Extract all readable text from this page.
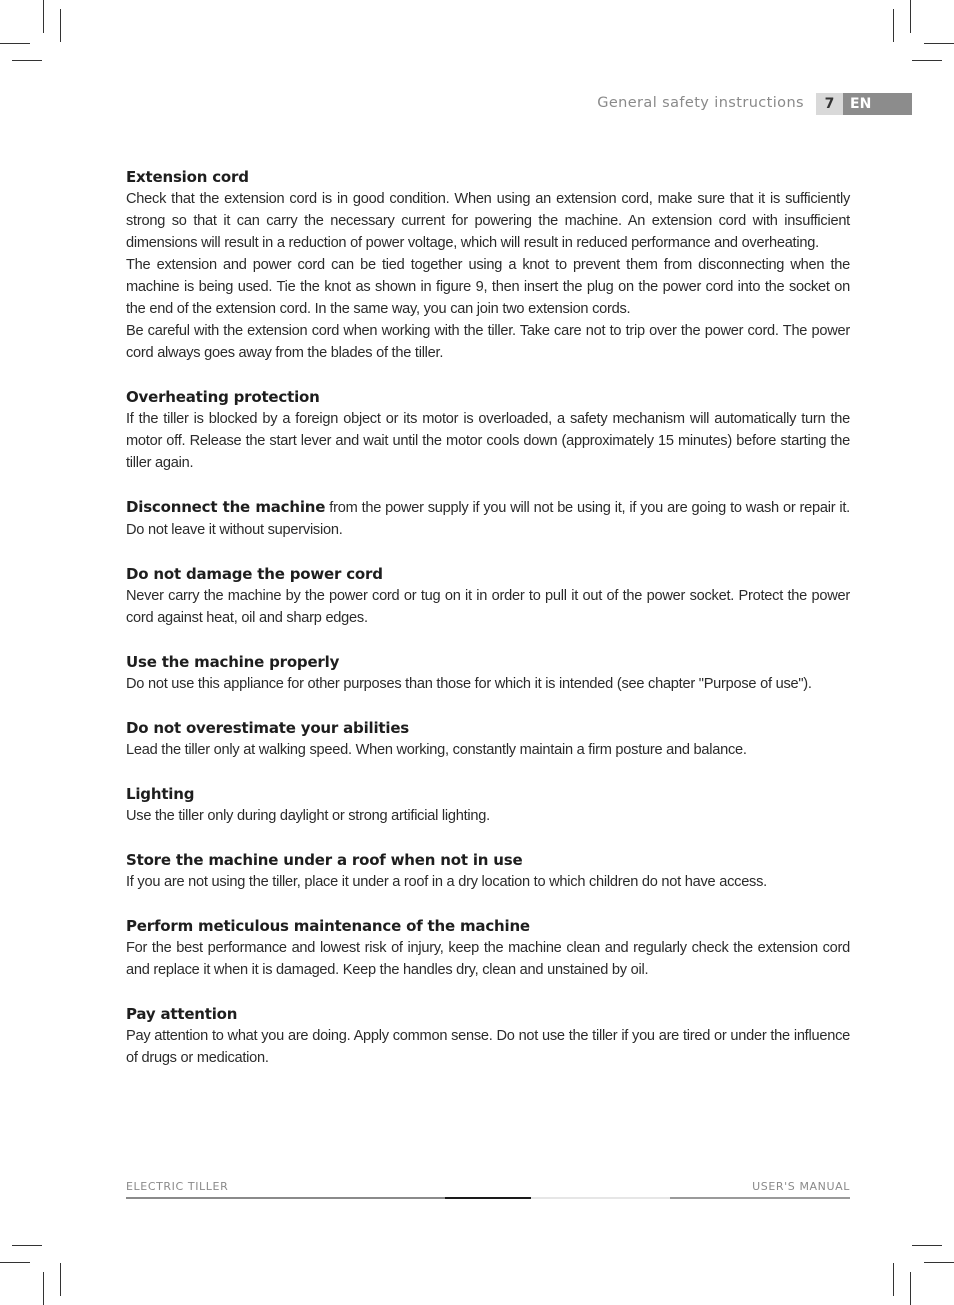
General safety instructions	7	EN
Extension cord

Check that the extension cord is in good condition. When using an extension cord, make sure that it is sufficiently strong so that it can carry the necessary current for powering the machine. An extension cord with insufficient dimensions will result in a reduction of power voltage, which will result in reduced performance and overheating.

The extension and power cord can be tied together using a knot to prevent them from disconnecting when the machine is being used. Tie the knot as shown in figure 9, then insert the plug on the power cord into the socket on the end of the extension cord. In the same way, you can join two extension cords.

Be careful with the extension cord when working with the tiller. Take care not to trip over the power cord. The power cord always goes away from the blades of the tiller.

Overheating protection

If the tiller is blocked by a foreign object or its motor is overloaded, a safety mechanism will automatically turn the motor off. Release the start lever and wait until the motor cools down (approximately 15 minutes) before starting the tiller again.

Disconnect the machine from the power supply if you will not be using it, if you are going to wash or repair it. Do not leave it without supervision.

Do not damage the power cord

Never carry the machine by the power cord or tug on it in order to pull it out of the power socket. Protect the power cord against heat, oil and sharp edges.

Use the machine properly

Do not use this appliance for other purposes than those for which it is intended (see chapter "Purpose of use").

Do not overestimate your abilities

Lead the tiller only at walking speed. When working, constantly maintain a firm posture and balance.

Lighting

Use the tiller only during daylight or strong artificial lighting.

Store the machine under a roof when not in use

If you are not using the tiller, place it under a roof in a dry location to which children do not have access.

Perform meticulous maintenance of the machine

For the best performance and lowest risk of injury, keep the machine clean and regularly check the extension cord and replace it when it is damaged. Keep the handles dry, clean and unstained by oil.

Pay attention

Pay attention to what you are doing. Apply common sense. Do not use the tiller if you are tired or under the influence of drugs or medication.

ELECTRIC TILLER	USER'S MANUAL
